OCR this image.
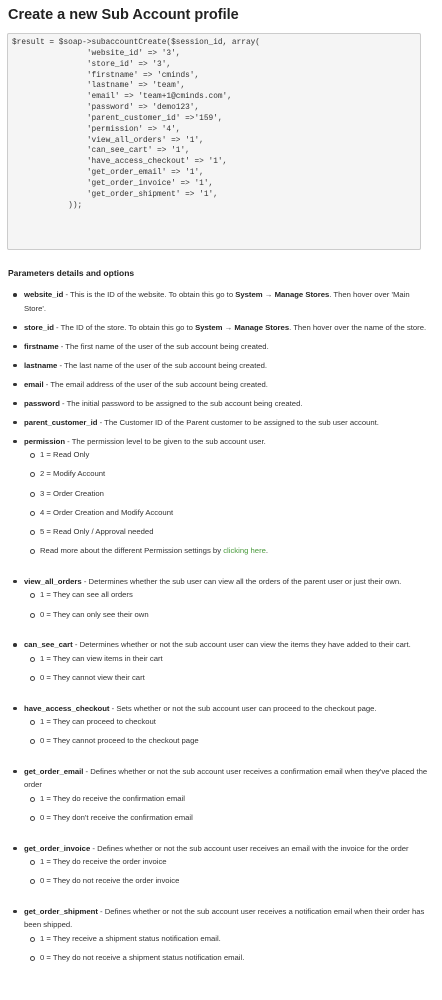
Create a new Sub Account profile
$result = $soap->subaccountCreate($session_id, array(
'website_id' => '3',
'store_id' => '3',
'firstname' => 'cminds',
'lastname' => 'team',
'email' => 'team+1@cminds.com',
'password' => 'demo123',
'parent_customer_id' =>'159',
'permission' => '4',
'view_all_orders' => '1',
'can_see_cart' => '1',
'have_access_checkout' => '1',
'get_order_email' => '1',
'get_order_invoice' => '1',
'get_order_shipment' => '1',
));
Parameters details and options
website_id - This is the ID of the website. To obtain this go to System → Manage Stores. Then hover over 'Main Store'.
store_id - The ID of the store. To obtain this go to System → Manage Stores. Then hover over the name of the store.
firstname - The first name of the user of the sub account being created.
lastname - The last name of the user of the sub account being created.
email - The email address of the user of the sub account being created.
password - The initial password to be assigned to the sub account being created.
parent_customer_id - The Customer ID of the Parent customer to be assigned to the sub user account.
permission - The permission level to be given to the sub account user.
1 = Read Only
2 = Modify Account
3 = Order Creation
4 = Order Creation and Modify Account
5 = Read Only / Approval needed
Read more about the different Permission settings by clicking here.
view_all_orders - Determines whether the sub user can view all the orders of the parent user or just their own.
1 = They can see all orders
0 = They can only see their own
can_see_cart - Determines whether or not the sub account user can view the items they have added to their cart.
1 = They can view items in their cart
0 = They cannot view their cart
have_access_checkout - Sets whether or not the sub account user can proceed to the checkout page.
1 = They can proceed to checkout
0 = They cannot proceed to the checkout page
get_order_email - Defines whether or not the sub account user receives a confirmation email when they've placed the order
1 = They do receive the confirmation email
0 = They don't receive the confirmation email
get_order_invoice - Defines whether or not the sub account user receives an email with the invoice for the order
1 = They do receive the order invoice
0 = They do not receive the order invoice
get_order_shipment - Defines whether or not the sub account user receives a notification email when their order has been shipped.
1 = They receive a shipment status notification email.
0 = They do not receive a shipment status notification email.
